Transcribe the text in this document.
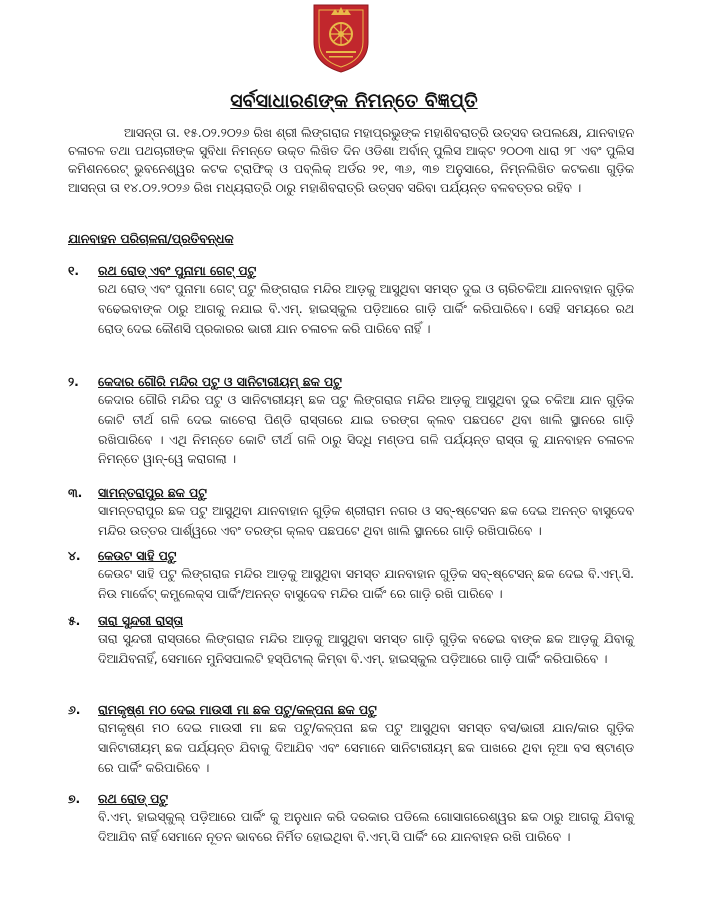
ସର୍ବସାଧାରଣଙ୍କ ନିମନ୍ତେ ବିଜ୍ଞପ୍ତି
ଆସନ୍ତା ତା. ୧୫.୦୨.୨୦୨୬ ରିଖ ଶ୍ରୀ ଲିଙ୍ଗରାଜ ମହାପ୍ରଭୁଙ୍କ ମହାଶିବରାତ୍ରି ଉତ୍ସବ ଉପଲକ୍ଷେ, ଯାନବାହନ ଚଳାଚଳ ତଥା ପଥଚାରୀଙ୍କ ସୁବିଧା ନିମନ୍ତେ ଉକ୍ତ ଲିଖିତ ଦିନ ଓଡିଶା ଅର୍ବାନ୍ ପୁଲିସ ଆକ୍ଟ ୨୦୦୩ ଧାରା ୨୮ ଏବଂ ପୁଲିସ କମିଶନରେଟ୍ ଭୁବନେଶ୍ୱର କଟକ ଟ୍ରାଫିକ୍ ଓ ପବ୍ଲିକ୍ ଅର୍ଡର ୨୧, ୩୬, ୩୭ ଅନୁସାରେ, ନିମ୍ନଲିଖିତ କଟକଣା ଗୁଡ଼ିକ ଆସନ୍ତା ତା ୧୪.୦୨.୨୦୨୬ ରିଖ ମଧ୍ୟରାତ୍ରି ଠାରୁ ମହାଶିବରାତ୍ରି ଉତ୍ସବ ସରିବା ପର୍ଯ୍ୟନ୍ତ ବଳବତ୍ତର ରହିବ ।
ଯାନବାହନ ପରିଚାଳନା/ପ୍ରତିବନ୍ଧକ
୧.	ରଥ ରୋଡ୍ ଏବଂ ପୁନାମା ଗେଟ୍ ପଟୁ
ରଥ ରୋଡ୍ ଏବଂ ପୁନାମା ଗେଟ୍ ପଟୁ ଲିଙ୍ଗରାଜ ମନ୍ଦିର ଆଡ଼କୁ ଆସୁଥିବା ସମସ୍ତ ଦୁଇ ଓ ଚାରିଚକିଆ ଯାନବାହାନ ଗୁଡ଼ିକ ବଢେଇବାଙ୍କ ଠାରୁ ଆଗକୁ ନଯାଇ ବି.ଏମ୍. ହାଇସ୍କୁଲ ପଡ଼ିଆରେ ଗାଡ଼ି ପାର୍କିଂ କରିପାରିବେ। ସେହି ସମୟରେ ରଥ ରୋଡ୍ ଦେଇ କୌଣସି ପ୍ରକାରର ଭାରୀ ଯାନ ଚଳାଚଳ କରି ପାରିବେ ନାହିଁ ।
୨.	କେଦାର ଗୌରି ମନ୍ଦିର ପଟୁ ଓ ସାନିଟାରୀୟମ୍ ଛକ ପଟୁ
କେଦାର ଗୌରି ମନ୍ଦିର ପଟୁ ଓ ସାନିଟାରୀୟମ୍ ଛକ ପଟୁ ଲିଙ୍ଗରାଜ ମନ୍ଦିର ଆଡ଼କୁ ଆସୁଥିବା ଦୁଇ ଚକିଆ ଯାନ ଗୁଡ଼ିକ କୋଟି ତୀର୍ଥ ଗଳି ଦେଇ କାଚେରା ପିଣ୍ଡି ରାସ୍ତାରେ ଯାଇ ତରଙ୍ଗ କ୍ଲବ ପଛପଟେ ଥିବା ଖାଲି ସ୍ଥାନରେ ଗାଡ଼ି ରଖିପାରିବେ । ଏଥି ନିମନ୍ତେ କୋଟି ତୀର୍ଥ ଗଳି ଠାରୁ ସିଦ୍ଧି ମଣ୍ଡପ ଗଳି ପର୍ଯ୍ୟନ୍ତ ରାସ୍ତା କୁ ଯାନବାହନ ଚଳାଚଳ ନିମନ୍ତେ ୱାନ୍-ୱେ କରାଗଲା ।
୩.	ସାମନ୍ତରାପୁର ଛକ ପଟୁ
ସାମନ୍ତରାପୁର ଛକ ପଟୁ ଆସୁଥିବା ଯାନବାହାନ ଗୁଡ଼ିକ ଶ୍ରୀରାମ ନଗର ଓ ସବ୍-ଷ୍ଟେସନ ଛକ ଦେଇ ଅନନ୍ତ ବାସୁଦେବ ମନ୍ଦିର ଉତ୍ତର ପାର୍ଶ୍ୱରେ ଏବଂ ତରଙ୍ଗ କ୍ଲବ ପଛପଟେ ଥିବା ଖାଲି ସ୍ଥାନରେ ଗାଡ଼ି ରଖିପାରିବେ ।
୪.	କେଉଟ ସାହି ପଟୁ
କେଉଟ ସାହି ପଟୁ ଲିଙ୍ଗରାଜ ମନ୍ଦିର ଆଡ଼କୁ ଆସୁଥିବା ସମସ୍ତ ଯାନବାହାନ ଗୁଡ଼ିକ ସବ୍-ଷ୍ଟେସନ୍ ଛକ ଦେଇ ବି.ଏମ୍.ସି. ନିଉ ମାର୍କେଟ୍ କମ୍ପ୍ଲେକ୍ସ ପାର୍କିଂ/ଅନନ୍ତ ବାସୁଦେବ ମନ୍ଦିର ପାର୍କିଂ ରେ ଗାଡ଼ି ରଖି ପାରିବେ ।
୫.	ତାରା ସୁନ୍ଦରୀ ରାସ୍ତା
ତାରା ସୁନ୍ଦରୀ ରାସ୍ତାରେ ଲିଙ୍ଗରାଜ ମନ୍ଦିର ଆଡ଼କୁ ଆସୁଥିବା ସମସ୍ତ ଗାଡ଼ି ଗୁଡ଼ିକ ବଢେଇ ବାଙ୍କ ଛକ ଆଡ଼କୁ ଯିବାକୁ ଦିଆଯିବନାହିଁ, ସେମାନେ ମୁନିସପାଲଟି ହସ୍ପିଟାଲ୍ କିମ୍ବା ବି.ଏମ୍. ହାଇସ୍କୁଲ ପଡ଼ିଆରେ ଗାଡ଼ି ପାର୍କିଂ କରିପାରିବେ ।
୬.	ରାମକୃଷ୍ଣ ମଠ ଦେଇ ମାଉସୀ ମା ଛକ ପଟୁ/କଳ୍ପନା ଛକ ପଟୁ
ରାମକୃଷ୍ଣ ମଠ ଦେଇ ମାଉସୀ ମା ଛକ ପଟୁ/କଳ୍ପନା ଛକ ପଟୁ ଆସୁଥିବା ସମସ୍ତ ବସ/ଭାରୀ ଯାନ/କାର ଗୁଡ଼ିକ ସାନିଟାରୀୟମ୍ ଛକ ପର୍ଯ୍ୟନ୍ତ ଯିବାକୁ ଦିଆଯିବ ଏବଂ ସେମାନେ ସାନିଟାରୀୟମ୍ ଛକ ପାଖରେ ଥିବା ନୂଆ ବସ ଷ୍ଟାଣ୍ଡ ରେ ପାର୍କିଂ କରିପାରିବେ ।
୭.	ରଥ ରୋଡ୍ ପଟୁ
ବି.ଏମ୍. ହାଇସ୍କୁଲ୍ ପଡ଼ିଆରେ ପାର୍କିଂ କୁ ଅନୁଧାନ କରି ଦରକାର ପଡିଲେ ଗୋସାଗରେଶ୍ୱର ଛକ ଠାରୁ ଆଗକୁ ଯିବାକୁ ଦିଆଯିବ ନାହିଁ ସେମାନେ ନୂତନ ଭାବରେ ନିର୍ମିତ ହୋଇଥିବା ବି.ଏମ୍.ସି ପାର୍କିଂ ରେ ଯାନବାହନ ରଖି ପାରିବେ ।
